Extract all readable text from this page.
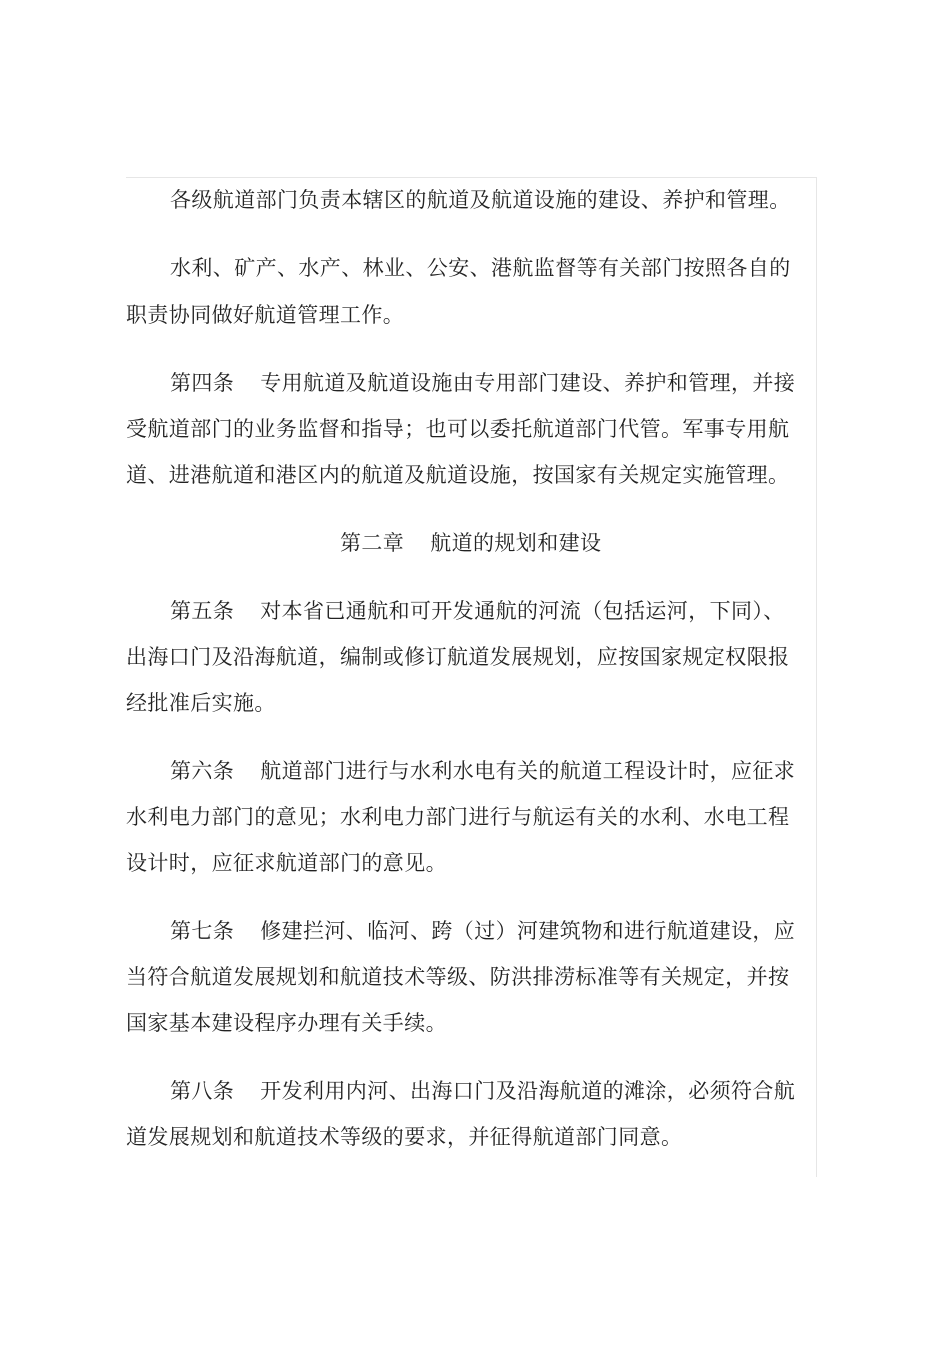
各级航道部门负责本辖区的航道及航道设施的建设、养护和管理。
水利、矿产、水产、林业、公安、港航监督等有关部门按照各自的
职责协同做好航道管理工作。
第四条 专用航道及航道设施由专用部门建设、养护和管理，并接
受航道部门的业务监督和指导；也可以委托航道部门代管。军事专用航
道、进港航道和港区内的航道及航道设施，按国家有关规定实施管理。
第二章 航道的规划和建设
第五条 对本省已通航和可开发通航的河流（包括运河，下同）、
出海口门及沿海航道，编制或修订航道发展规划，应按国家规定权限报
经批准后实施。
第六条 航道部门进行与水利水电有关的航道工程设计时，应征求
水利电力部门的意见；水利电力部门进行与航运有关的水利、水电工程
设计时，应征求航道部门的意见。
第七条 修建拦河、临河、跨（过）河建筑物和进行航道建设，应
当符合航道发展规划和航道技术等级、防洪排涝标准等有关规定，并按
国家基本建设程序办理有关手续。
第八条 开发利用内河、出海口门及沿海航道的滩涂，必须符合航
道发展规划和航道技术等级的要求，并征得航道部门同意。
